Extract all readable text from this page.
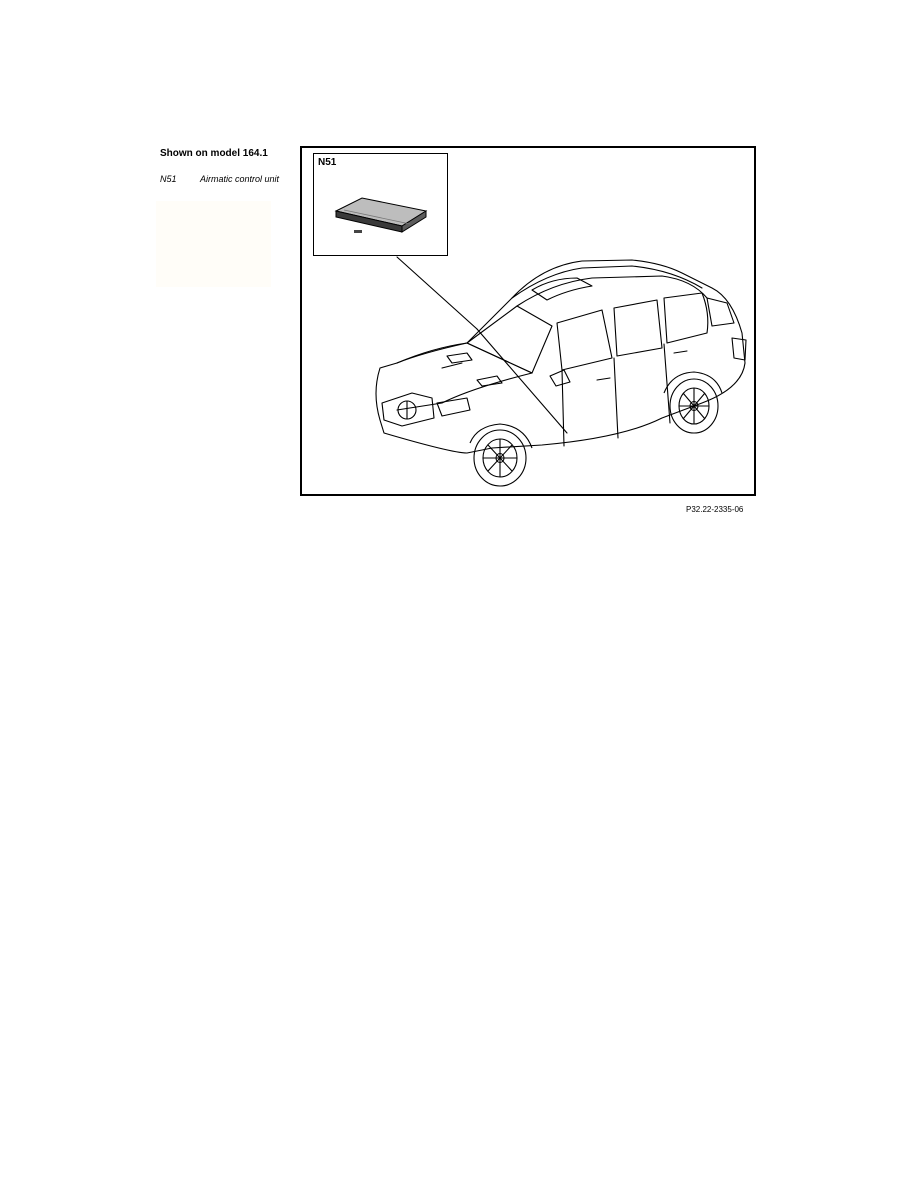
Shown on model 164.1
N51	Airmatic control unit
N51
P32.22-2335-06
